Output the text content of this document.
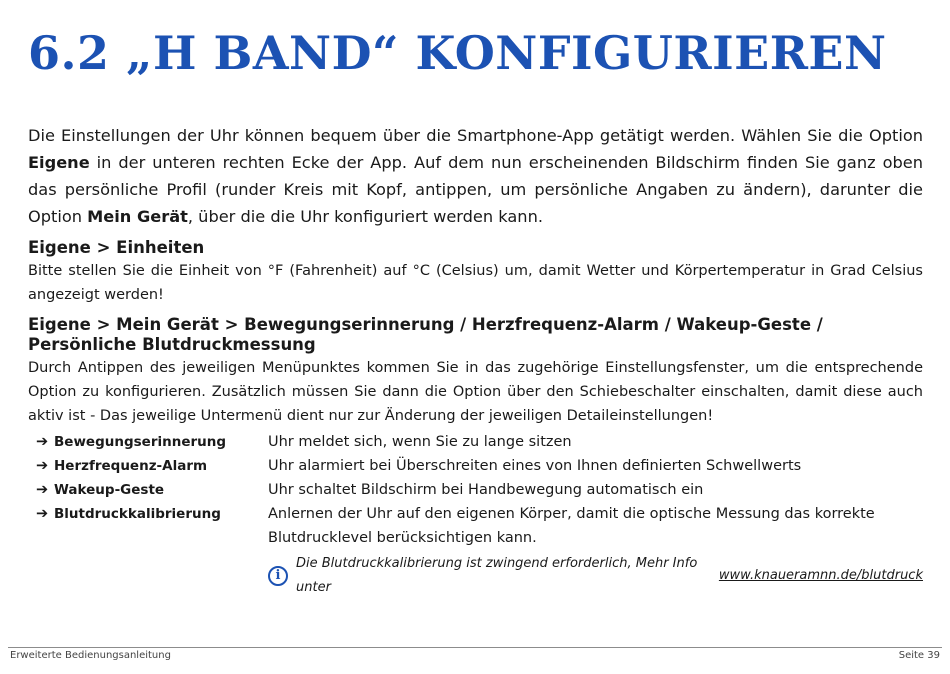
6.2 „H BAND“ KONFIGURIEREN

Die Einstellungen der Uhr können bequem über die Smartphone-App getätigt werden. Wählen Sie die Option Eigene in der unteren rechten Ecke der App. Auf dem nun erscheinenden Bildschirm finden Sie ganz oben das persönliche Profil (runder Kreis mit Kopf, antippen, um persönliche Angaben zu ändern), darunter die Option Mein Gerät, über die die Uhr konfiguriert werden kann.

Eigene > Einheiten
Bitte stellen Sie die Einheit von °F (Fahrenheit) auf °C (Celsius) um, damit Wetter und Körpertemperatur in Grad Celsius angezeigt werden!
Eigene > Mein Gerät > Bewegungserinnerung / Herzfrequenz-Alarm / Wakeup-Geste / Persönliche Blutdruckmessung
Durch Antippen des jeweiligen Menüpunktes kommen Sie in das zugehörige Einstellungsfenster, um die entsprechende Option zu konfigurieren. Zusätzlich müssen Sie dann die Option über den Schiebeschalter einschalten, damit diese auch aktiv ist - Das jeweilige Untermenü dient nur zur Änderung der jeweiligen Detaileinstellungen!
➔ Bewegungserinnerung	Uhr meldet sich, wenn Sie zu lange sitzen
➔ Herzfrequenz-Alarm	Uhr alarmiert bei Überschreiten eines von Ihnen definierten Schwellwerts
➔ Wakeup-Geste	Uhr schaltet Bildschirm bei Handbewegung automatisch ein
➔ Blutdruckkalibrierung	Anlernen der Uhr auf den eigenen Körper, damit die optische Messung das korrekte Blutdrucklevel berücksichtigen kann.
i
Die Blutdruckkalibrierung ist zwingend erforderlich, Mehr Info unter
www.knaueramnn.de/blutdruck
Erweiterte Bedienungsanleitung	Seite 39
